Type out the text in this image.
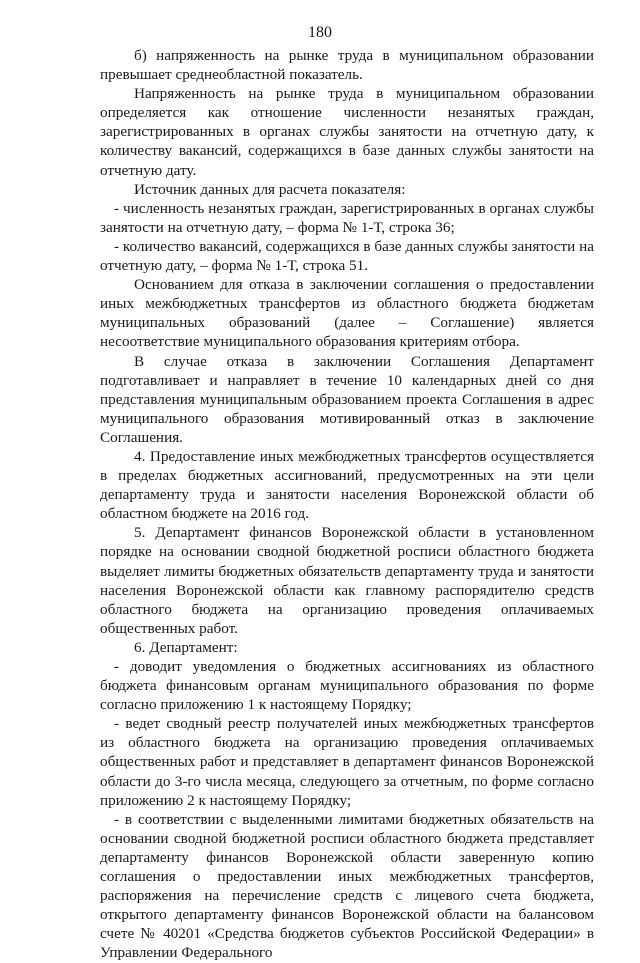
180

б) напряженность на рынке труда в муниципальном образовании превышает среднеобластной показатель.

Напряженность на рынке труда в муниципальном образовании определяется как отношение численности незанятых граждан, зарегистрированных в органах службы занятости на отчетную дату, к количеству вакансий, содержащихся в базе данных службы занятости на отчетную дату.

Источник данных для расчета показателя:

- численность незанятых граждан, зарегистрированных в органах службы занятости на отчетную дату, – форма № 1-Т, строка 36;

- количество вакансий, содержащихся в базе данных службы занятости на отчетную дату, – форма № 1-Т, строка 51.

Основанием для отказа в заключении соглашения о предоставлении иных межбюджетных трансфертов из областного бюджета бюджетам муниципальных образований (далее – Соглашение) является несоответствие муниципального образования критериям отбора.

В случае отказа в заключении Соглашения Департамент подготавливает и направляет в течение 10 календарных дней со дня представления муниципальным образованием проекта Соглашения в адрес муниципального образования мотивированный отказ в заключение Соглашения.

4. Предоставление иных межбюджетных трансфертов осуществляется в пределах бюджетных ассигнований, предусмотренных на эти цели департаменту труда и занятости населения Воронежской области об областном бюджете на 2016 год.

5. Департамент финансов Воронежской области в установленном порядке на основании сводной бюджетной росписи областного бюджета выделяет лимиты бюджетных обязательств департаменту труда и занятости населения Воронежской области как главному распорядителю средств областного бюджета на организацию проведения оплачиваемых общественных работ.

6. Департамент:

- доводит уведомления о бюджетных ассигнованиях из областного бюджета финансовым органам муниципального образования по форме согласно приложению 1 к настоящему Порядку;

- ведет сводный реестр получателей иных межбюджетных трансфертов из областного бюджета на организацию проведения оплачиваемых общественных работ и представляет в департамент финансов Воронежской области до 3-го числа месяца, следующего за отчетным, по форме согласно приложению 2 к настоящему Порядку;

- в соответствии с выделенными лимитами бюджетных обязательств на основании сводной бюджетной росписи областного бюджета представляет департаменту финансов Воронежской области заверенную копию соглашения о предоставлении иных межбюджетных трансфертов, распоряжения на перечисление средств с лицевого счета бюджета, открытого департаменту финансов Воронежской области на балансовом счете № 40201 «Средства бюджетов субъектов Российской Федерации» в Управлении Федерального
